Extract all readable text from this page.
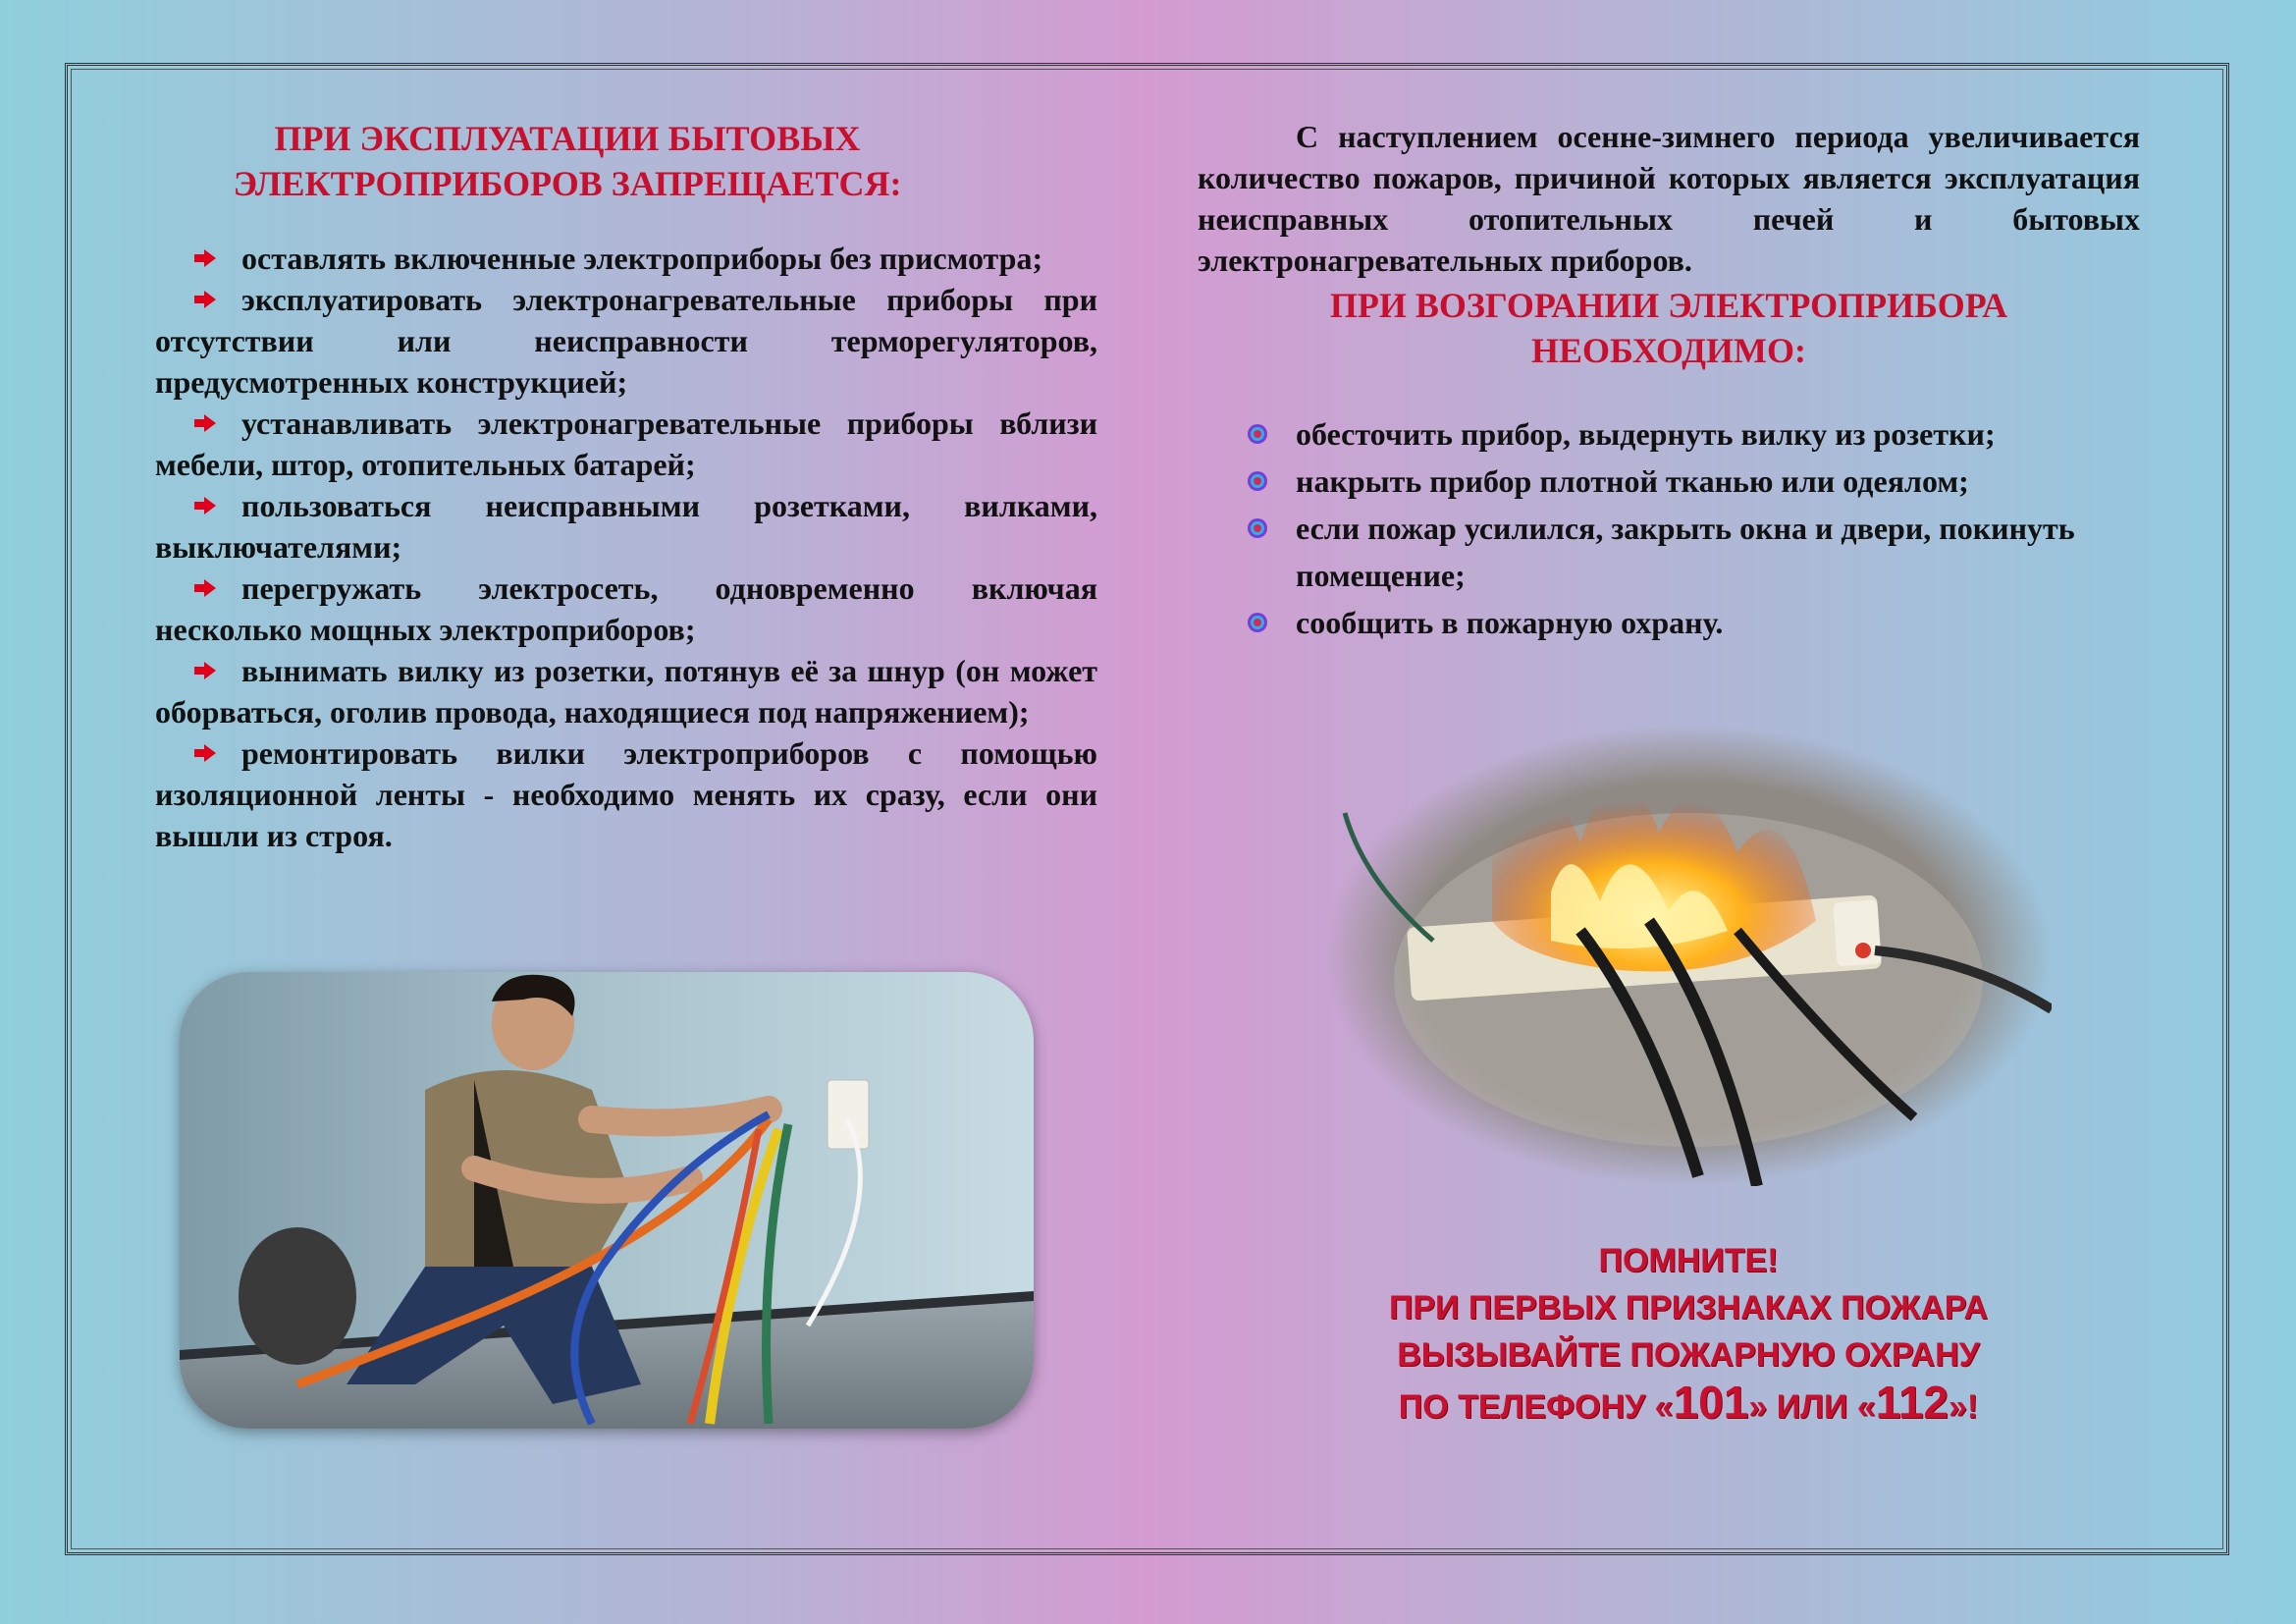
ПРИ ЭКСПЛУАТАЦИИ БЫТОВЫХ
ЭЛЕКТРОПРИБОРОВ ЗАПРЕЩАЕТСЯ:

оставлять включенные электроприборы без присмотра;

эксплуатировать электронагревательные приборы при отсутствии или неисправности терморегуляторов, предусмотренных конструкцией;

устанавливать электронагревательные приборы вблизи мебели, штор, отопительных батарей;

пользоваться неисправными розетками, вилками, выключателями;

перегружать электросеть, одновременно включая несколько мощных электроприборов;

вынимать вилку из розетки, потянув её за шнур (он может оборваться, оголив провода, находящиеся под напряжением);

ремонтировать вилки электроприборов с помощью изоляционной ленты - необходимо менять их сразу, если они вышли из строя.

С наступлением осенне-зимнего периода увеличивается количество пожаров, причиной которых является эксплуатация неисправных отопительных печей и бытовых электронагревательных приборов.
ПРИ ВОЗГОРАНИИ ЭЛЕКТРОПРИБОРА
НЕОБХОДИМО:
обесточить прибор, выдернуть вилку из розетки;
накрыть прибор плотной тканью или одеялом;
если пожар усилился, закрыть окна и двери, покинуть помещение;
сообщить в пожарную охрану.
ПОМНИТЕ!
ПРИ ПЕРВЫХ ПРИЗНАКАХ ПОЖАРА
ВЫЗЫВАЙТЕ ПОЖАРНУЮ ОХРАНУ
ПО ТЕЛЕФОНУ «101» ИЛИ «112»!
